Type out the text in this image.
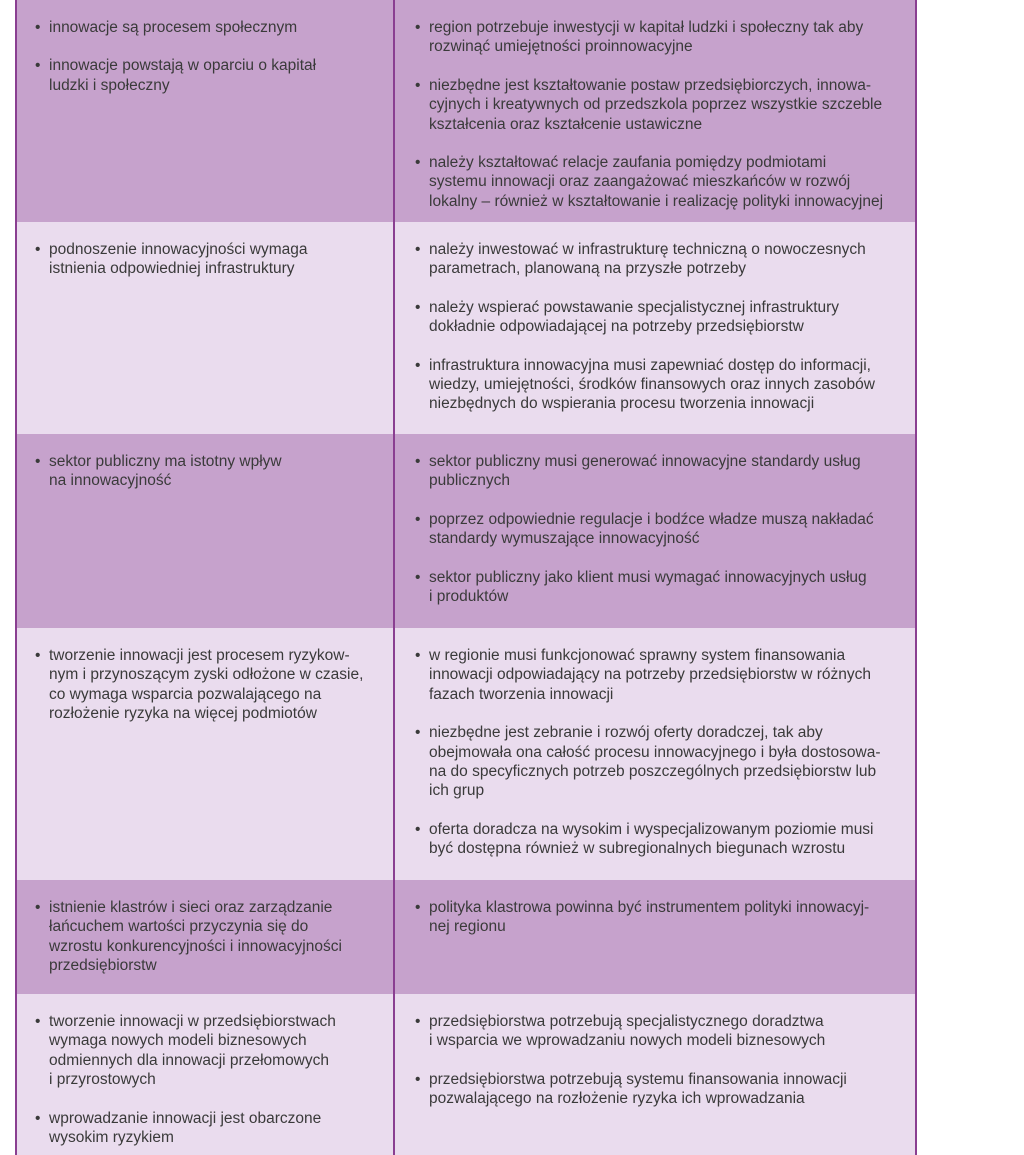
• innowacje są procesem społecznym
• innowacje powstają w oparciu o kapitał
ludzki i społeczny
• region potrzebuje inwestycji w kapitał ludzki i społeczny tak aby
rozwinąć umiejętności proinnowacyjne
• niezbędne jest kształtowanie postaw przedsiębiorczych, innowa-
cyjnych i kreatywnych od przedszkola poprzez wszystkie szczeble
kształcenia oraz kształcenie ustawiczne
• należy kształtować relacje zaufania pomiędzy podmiotami
systemu innowacji oraz zaangażować mieszkańców w rozwój
lokalny – również w kształtowanie i realizację polityki innowacyjnej
• podnoszenie innowacyjności wymaga
istnienia odpowiedniej infrastruktury
• należy inwestować w infrastrukturę techniczną o nowoczesnych
parametrach, planowaną na przyszłe potrzeby
• należy wspierać powstawanie specjalistycznej infrastruktury
dokładnie odpowiadającej na potrzeby przedsiębiorstw
• infrastruktura innowacyjna musi zapewniać dostęp do informacji,
wiedzy, umiejętności, środków finansowych oraz innych zasobów
niezbędnych do wspierania procesu tworzenia innowacji
• sektor publiczny ma istotny wpływ
na innowacyjność
• sektor publiczny musi generować innowacyjne standardy usług
publicznych
• poprzez odpowiednie regulacje i bodźce władze muszą nakładać
standardy wymuszające innowacyjność
• sektor publiczny jako klient musi wymagać innowacyjnych usług
i produktów
• tworzenie innowacji jest procesem ryzykow-
nym i przynoszącym zyski odłożone w czasie,
co wymaga wsparcia pozwalającego na
rozłożenie ryzyka na więcej podmiotów
• w regionie musi funkcjonować sprawny system finansowania
innowacji odpowiadający na potrzeby przedsiębiorstw w różnych
fazach tworzenia innowacji
• niezbędne jest zebranie i rozwój oferty doradczej, tak aby
obejmowała ona całość procesu innowacyjnego i była dostosowa-
na do specyficznych potrzeb poszczególnych przedsiębiorstw lub
ich grup
• oferta doradcza na wysokim i wyspecjalizowanym poziomie musi
być dostępna również w subregionalnych biegunach wzrostu
• istnienie klastrów i sieci oraz zarządzanie
łańcuchem wartości przyczynia się do
wzrostu konkurencyjności i innowacyjności
przedsiębiorstw
• polityka klastrowa powinna być instrumentem polityki innowacyj-
nej regionu
• tworzenie innowacji w przedsiębiorstwach
wymaga nowych modeli biznesowych
odmiennych dla innowacji przełomowych
i przyrostowych
• wprowadzanie innowacji jest obarczone
wysokim ryzykiem
• przedsiębiorstwa potrzebują specjalistycznego doradztwa
i wsparcia we wprowadzaniu nowych modeli biznesowych
• przedsiębiorstwa potrzebują systemu finansowania innowacji
pozwalającego na rozłożenie ryzyka ich wprowadzania
